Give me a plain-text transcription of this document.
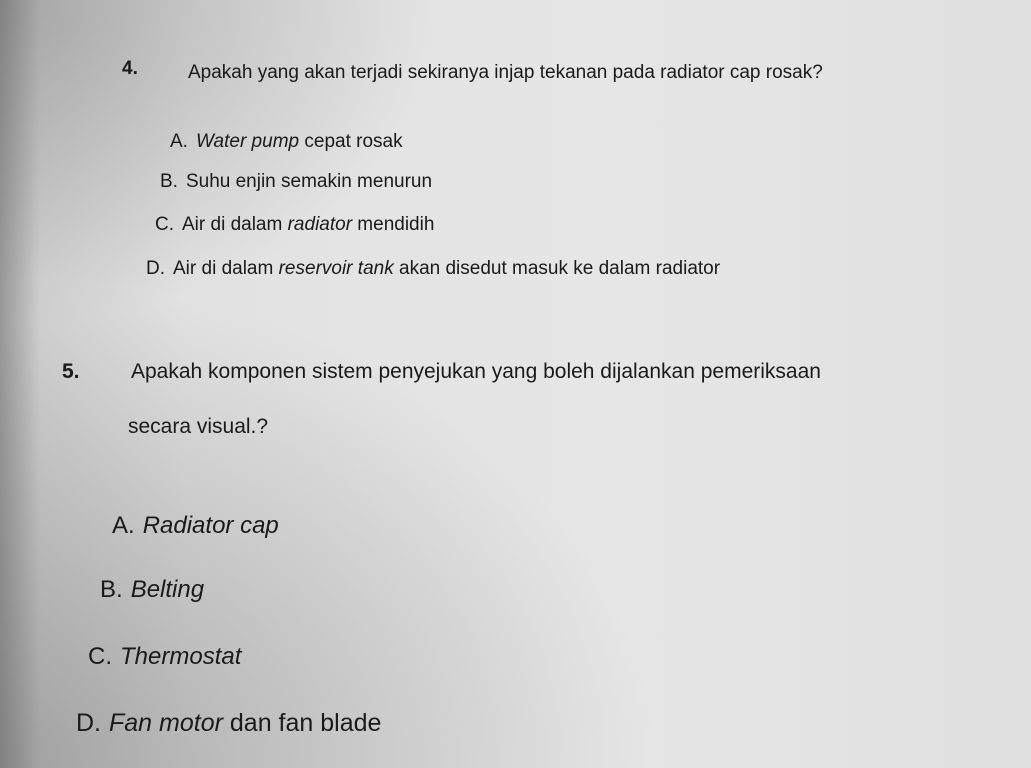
4.	Apakah yang akan terjadi sekiranya injap tekanan pada radiator cap rosak?
A. Water pump cepat rosak
B. Suhu enjin semakin menurun
C. Air di dalam radiator mendidih
D. Air di dalam reservoir tank akan disedut masuk ke dalam radiator
5. Apakah komponen sistem penyejukan yang boleh dijalankan pemeriksaan
secara visual.?
A. Radiator cap
B. Belting
C. Thermostat
D. Fan motor dan fan blade
